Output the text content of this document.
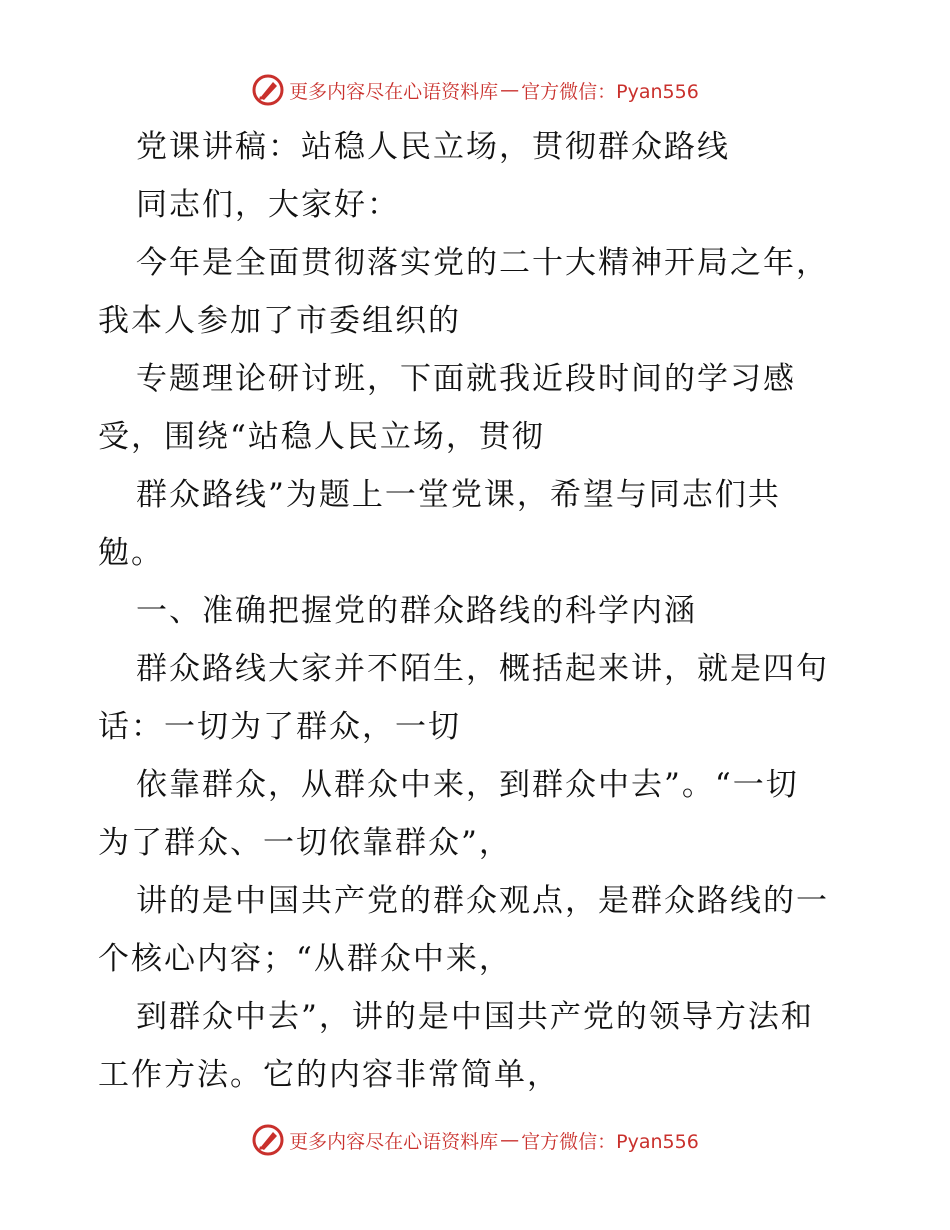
更多内容尽在心语资料库 — 官方微信：Pyan556

党课讲稿：站稳人民立场，贯彻群众路线

同志们，大家好：

今年是全面贯彻落实党的二十大精神开局之年，

我本人参加了市委组织的

专题理论研讨班，下面就我近段时间的学习感

受，围绕“站稳人民立场，贯彻

群众路线”为题上一堂党课，希望与同志们共

勉。

一、准确把握党的群众路线的科学内涵

群众路线大家并不陌生，概括起来讲，就是四句

话：一切为了群众，一切

依靠群众，从群众中来，到群众中去”。“一切

为了群众、一切依靠群众”，

讲的是中国共产党的群众观点，是群众路线的一

个核心内容；“从群众中来，

到群众中去”，讲的是中国共产党的领导方法和

工作方法。它的内容非常简单，

更多内容尽在心语资料库 — 官方微信：Pyan556
